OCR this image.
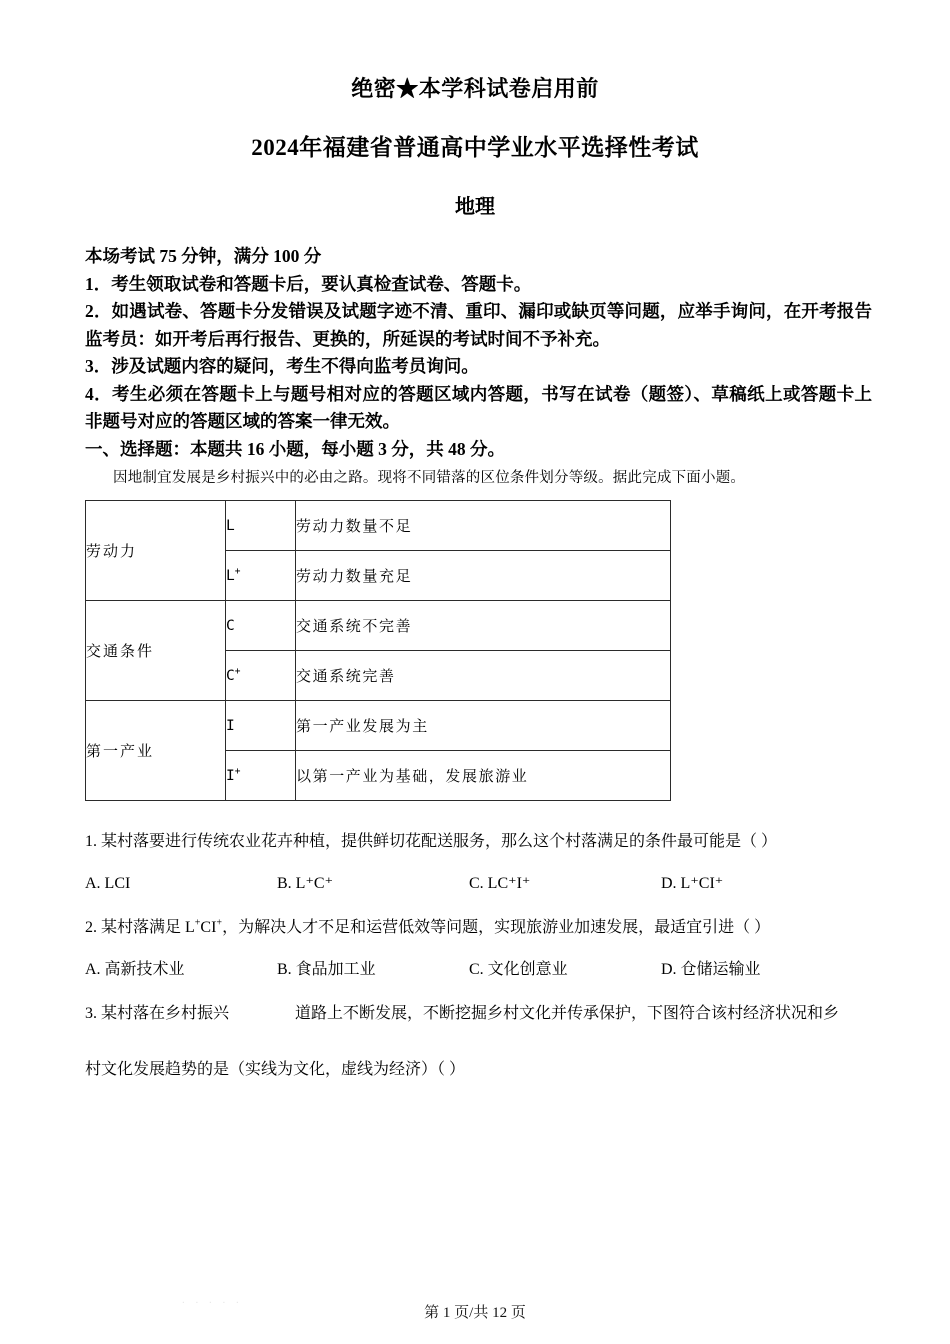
绝密★本学科试卷启用前
2024年福建省普通高中学业水平选择性考试
地理

本场考试 75 分钟，满分 100 分

1．考生领取试卷和答题卡后，要认真检查试卷、答题卡。

2．如遇试卷、答题卡分发错误及试题字迹不清、重印、漏印或缺页等问题，应举手询问，在开考报告监考员：如开考后再行报告、更换的，所延误的考试时间不予补充。

3．涉及试题内容的疑问，考生不得向监考员询问。

4．考生必须在答题卡上与题号相对应的答题区域内答题，书写在试卷（题签）、草稿纸上或答题卡上非题号对应的答题区域的答案一律无效。

一、选择题：本题共 16 小题，每小题 3 分，共 48 分。

因地制宜发展是乡村振兴中的必由之路。现将不同错落的区位条件划分等级。据此完成下面小题。

劳动力	L	劳动力数量不足
	L+	劳动力数量充足
交通条件	C	交通系统不完善
	C+	交通系统完善
第一产业	I	第一产业发展为主
	I+	以第一产业为基础，发展旅游业

1. 某村落要进行传统农业花卉种植，提供鲜切花配送服务，那么这个村落满足的条件最可能是（ ）

A. LCI	B. L⁺C⁺	C. LC⁺I⁺	D. L⁺CI⁺

2. 某村落满足 L+CI+，为解决人才不足和运营低效等问题，实现旅游业加速发展，最适宜引进（ ）

A. 高新技术业	B. 食品加工业	C. 文化创意业	D. 仓储运输业

3. 某村落在乡村振兴	道路上不断发展，不断挖掘乡村文化并传承保护，下图符合该村经济状况和乡

村文化发展趋势的是（实线为文化，虚线为经济）（ ）

. . . . .
第 1 页/共 12 页
